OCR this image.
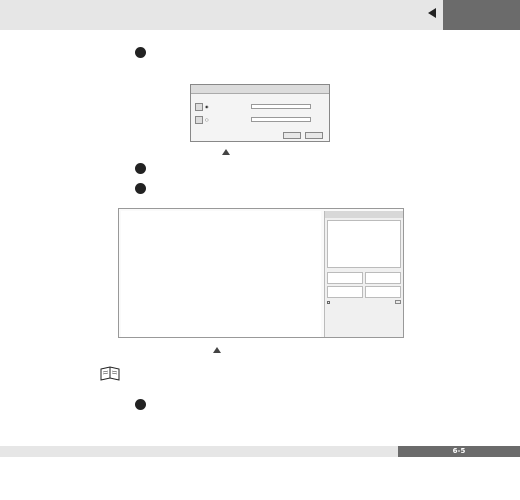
◉
○

6-5
